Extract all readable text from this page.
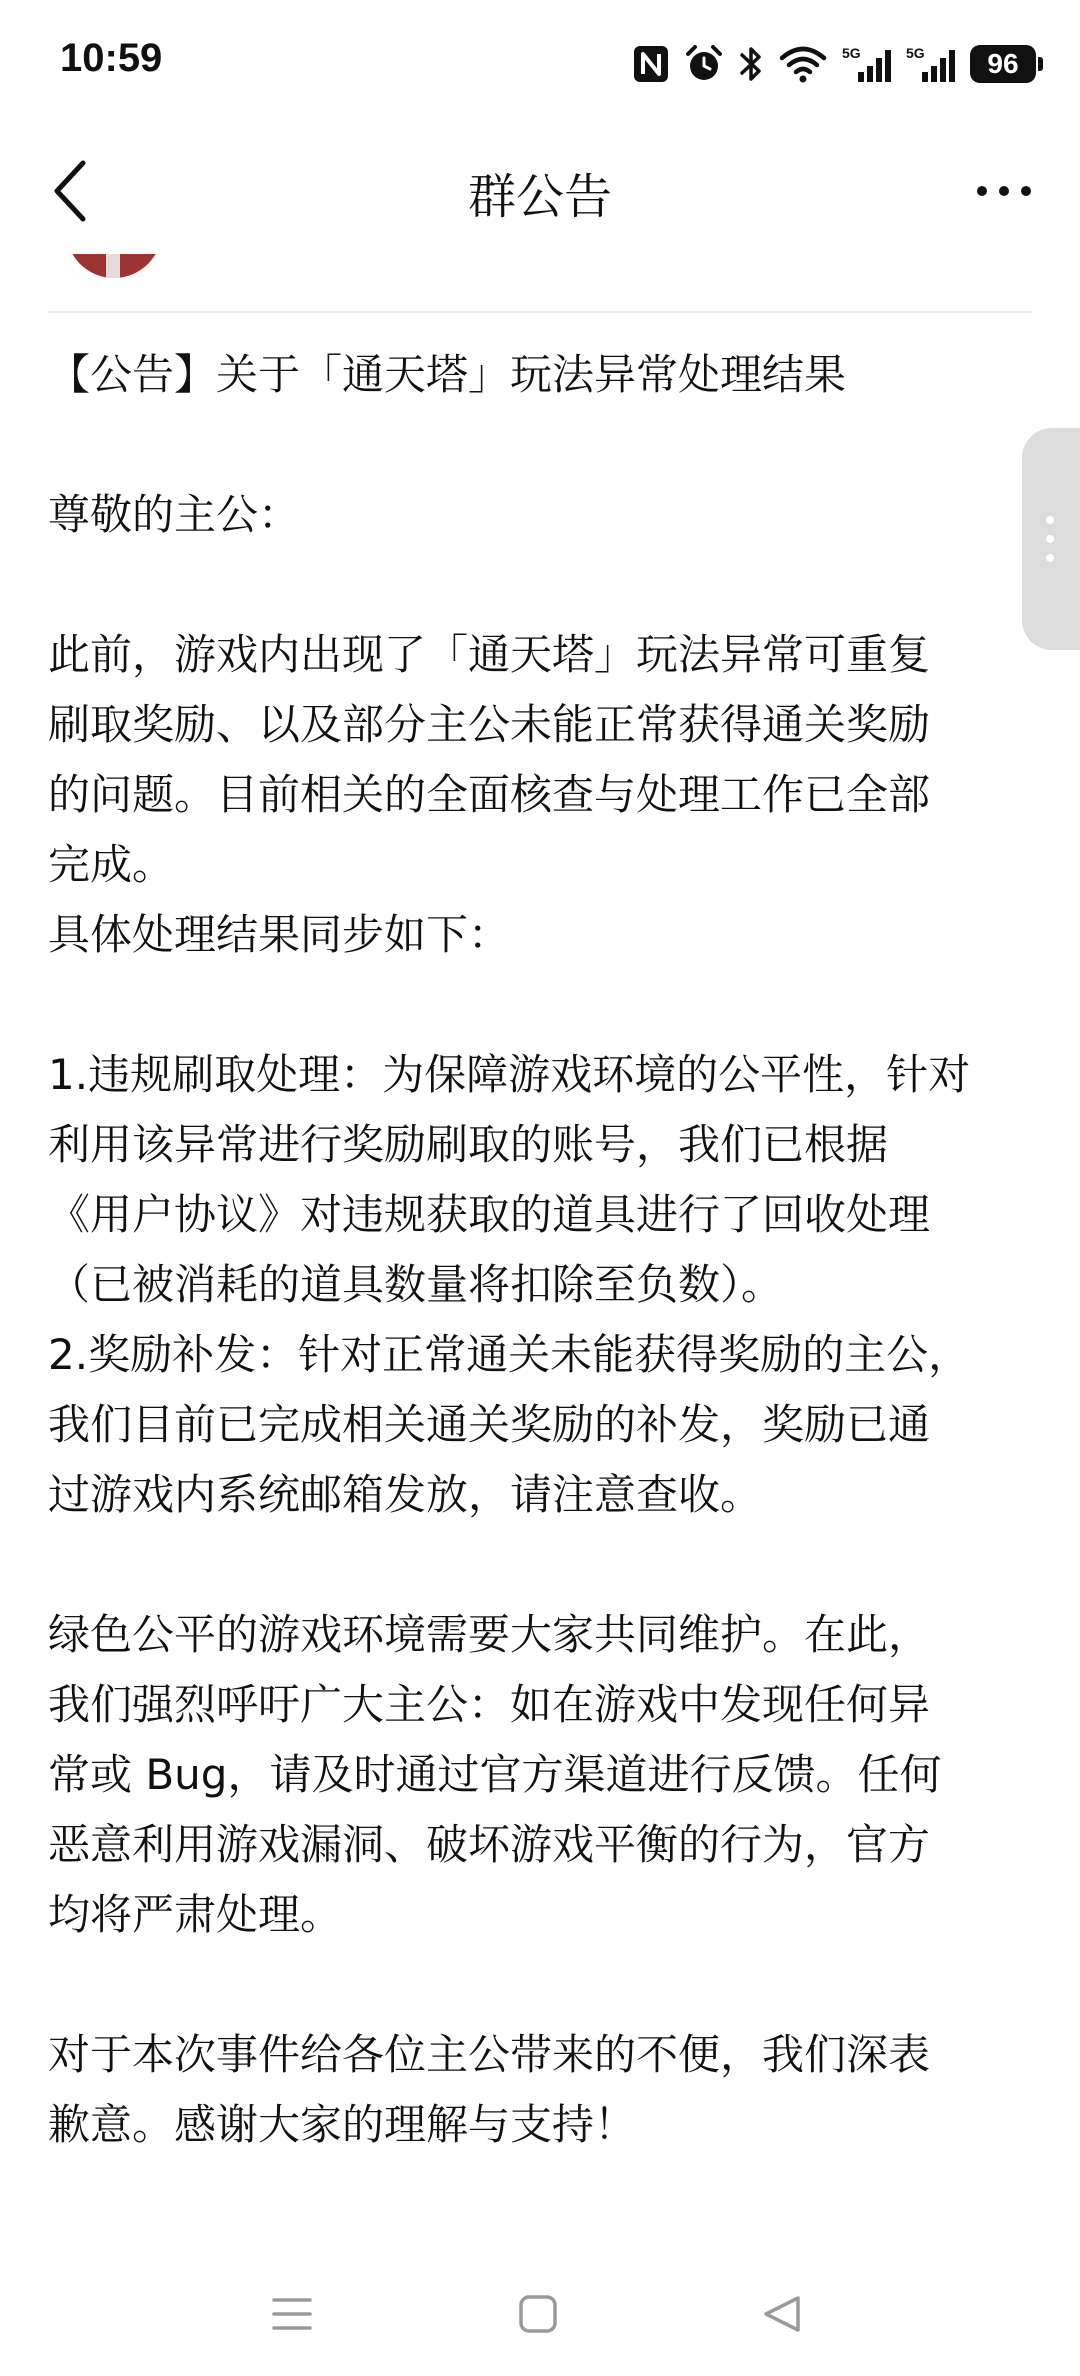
10:59	5G	5G 96
群公告
【公告】关于「通天塔」玩法异常处理结果
尊敬的主公：
此前，游戏内出现了「通天塔」玩法异常可重复
刷取奖励、以及部分主公未能正常获得通关奖励
的问题。目前相关的全面核查与处理工作已全部
完成。
具体处理结果同步如下：
1.违规刷取处理：为保障游戏环境的公平性，针对
利用该异常进行奖励刷取的账号，我们已根据
《用户协议》对违规获取的道具进行了回收处理
（已被消耗的道具数量将扣除至负数）。
2.奖励补发：针对正常通关未能获得奖励的主公，
我们目前已完成相关通关奖励的补发，奖励已通
过游戏内系统邮箱发放，请注意查收。
绿色公平的游戏环境需要大家共同维护。在此，
我们强烈呼吁广大主公：如在游戏中发现任何异
常或 Bug，请及时通过官方渠道进行反馈。任何
恶意利用游戏漏洞、破坏游戏平衡的行为，官方
均将严肃处理。
对于本次事件给各位主公带来的不便，我们深表
歉意。感谢大家的理解与支持！
